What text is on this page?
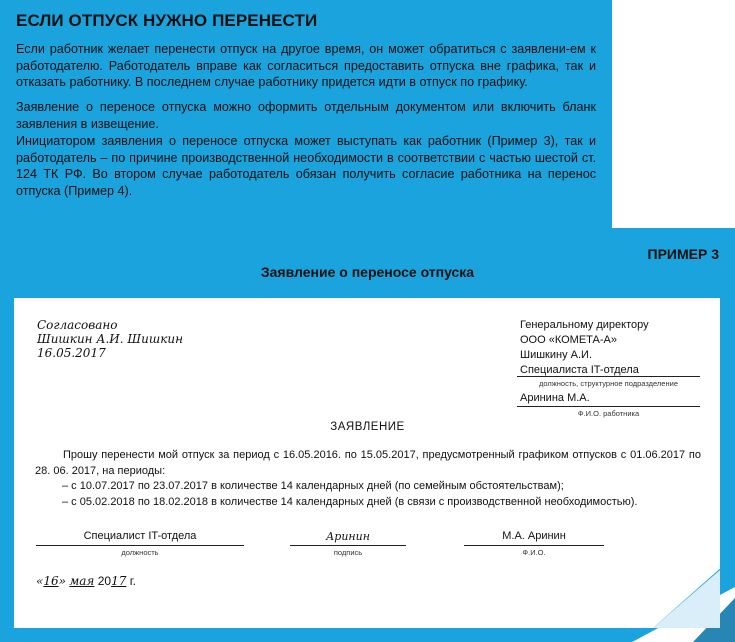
ЕСЛИ ОТПУСК НУЖНО ПЕРЕНЕСТИ
Если работник желает перенести отпуск на другое время, он может обратиться с заявлени-ем к работодателю. Работодатель вправе как согласиться предоставить отпуска вне графика, так и отказать работнику. В последнем случае работнику придется идти в отпуск по графику.
Заявление о переносе отпуска можно оформить отдельным документом или включить бланк заявления в извещение.
Инициатором заявления о переносе отпуска может выступать как работник (Пример 3), так и работодатель – по причине производственной необходимости в соответствии с частью шестой ст. 124 ТК РФ. Во втором случае работодатель обязан получить согласие работника на перенос отпуска (Пример 4).
ПРИМЕР 3
Заявление о переносе отпуска
Согласовано
Шишкин А.И. Шишкин
16.05.2017
Генеральному директору
ООО «КОМЕТА-А»
Шишкину А.И.
Специалиста IT-отдела
должность, структурное подразделение
Аринина М.А.
Ф.И.О. работника
ЗАЯВЛЕНИЕ
Прошу перенести мой отпуск за период с 16.05.2016. по 15.05.2017, предусмотренный графиком отпусков с 01.06.2017 по 28. 06. 2017, на периоды:
– с 10.07.2017 по 23.07.2017 в количестве 14 календарных дней (по семейным обстоятельствам);
– с 05.02.2018 по 18.02.2018 в количестве 14 календарных дней (в связи с производственной необходимостью).
Специалист IT-отдела
должность
Аринин
подпись
М.А. Аринин
Ф.И.О.
«16» мая 2017 г.
